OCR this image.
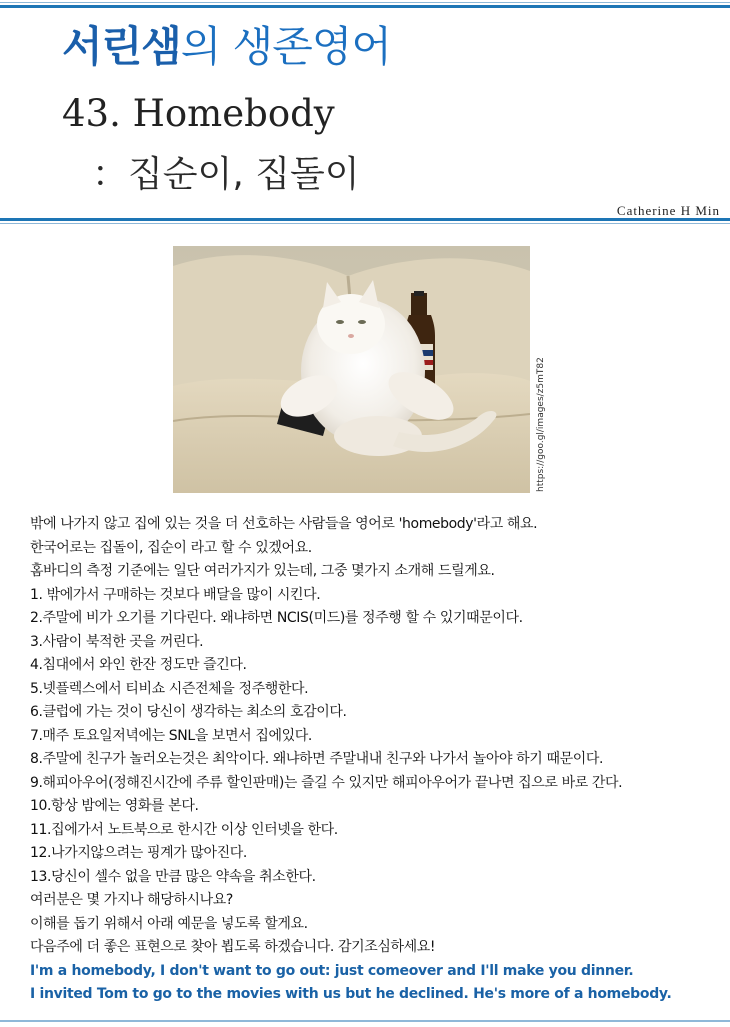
서린샘의 생존영어
43. Homebody
：집순이, 집돌이
Catherine H Min
https://goo.gl/images/z5mT82
밖에 나가지 않고 집에 있는 것을 더 선호하는 사람들을 영어로 'homebody'라고 해요.
한국어로는 집돌이, 집순이 라고 할 수 있겠어요.
홈바디의 측정 기준에는 일단 여러가지가 있는데, 그중 몇가지 소개해 드릴게요.
1. 밖에가서 구매하는 것보다 배달을 많이 시킨다.
2.주말에 비가 오기를 기다린다. 왜냐하면 NCIS(미드)를 정주행 할 수 있기때문이다.
3.사람이 북적한 곳을 꺼린다.
4.침대에서 와인 한잔 정도만 즐긴다.
5.넷플렉스에서 티비쇼 시즌전체을 정주행한다.
6.클럽에 가는 것이 당신이 생각하는 최소의 호감이다.
7.매주 토요일저녁에는 SNL을 보면서 집에있다.
8.주말에 친구가 놀러오는것은 최악이다. 왜냐하면 주말내내 친구와 나가서 놀아야 하기 때문이다.
9.해피아우어(정해진시간에 주류 할인판매)는 즐길 수 있지만 해피아우어가 끝나면 집으로 바로 간다.
10.항상 밤에는 영화를 본다.
11.집에가서 노트북으로 한시간 이상 인터넷을 한다.
12.나가지않으려는 핑계가 많아진다.
13.당신이 셀수 없을 만큼 많은 약속을 취소한다.
여러분은 몇 가지나 해당하시나요?
이해를 돕기 위해서 아래 예문을 넣도록 할게요.
다음주에 더 좋은 표현으로 찾아 뵙도록 하겠습니다. 감기조심하세요!
I'm a homebody, I don't want to go out: just comeover and I'll make you dinner.
I invited Tom to go to the movies with us but he declined. He's more of a homebody.
